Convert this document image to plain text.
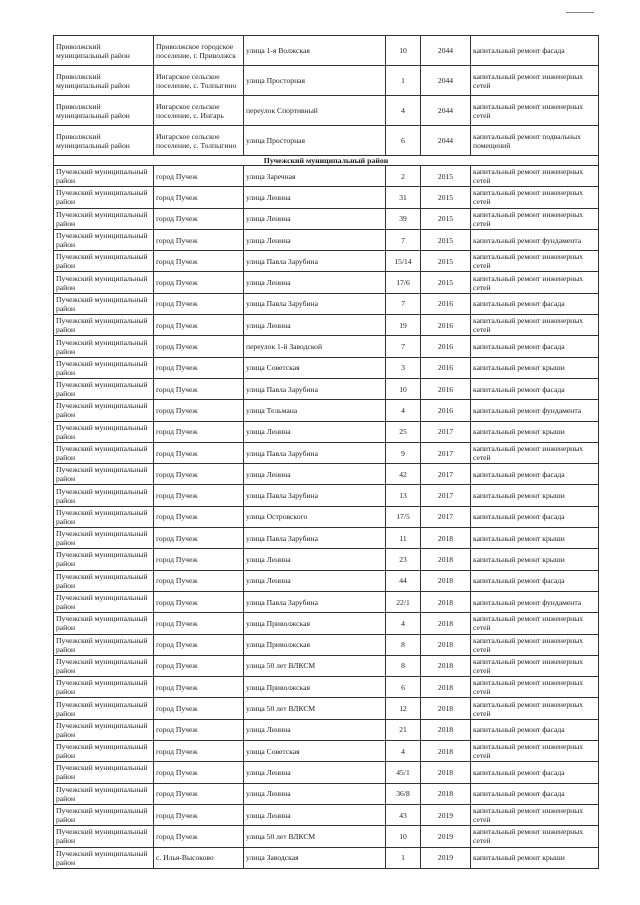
Приволжский муниципальный район	Приволжское городское поселение, г. Приволжск	улица 1-я Волжская	10	2044	капитальный ремонт фасада
Приволжский муниципальный район	Ингарское сельское поселение, с. Толпыгино	улица Просторная	1	2044	капитальный ремонт инженерных сетей
Приволжский муниципальный район	Ингарское сельское поселение, с. Ингарь	переулок Спортивный	4	2044	капитальный ремонт инженерных сетей
Приволжский муниципальный район	Ингарское сельское поселение, с. Толпыгино	улица Просторная	6	2044	капитальный ремонт подвальных помещений
Пучежский муниципальный район					
Пучежский муниципальный район	город Пучеж	улица Заречная	2	2015	капитальный ремонт инженерных сетей
Пучежский муниципальный район	город Пучеж	улица Ленина	31	2015	капитальный ремонт инженерных сетей
Пучежский муниципальный район	город Пучеж	улица Ленина	39	2015	капитальный ремонт инженерных сетей
Пучежский муниципальный район	город Пучеж	улица Ленина	7	2015	капитальный ремонт фундамента
Пучежский муниципальный район	город Пучеж	улица Павла Зарубина	15/14	2015	капитальный ремонт инженерных сетей
Пучежский муниципальный район	город Пучеж	улица Ленина	17/6	2015	капитальный ремонт инженерных сетей
Пучежский муниципальный район	город Пучеж	улица Павла Зарубина	7	2016	капитальный ремонт фасада
Пучежский муниципальный район	город Пучеж	улица Ленина	19	2016	капитальный ремонт инженерных сетей
Пучежский муниципальный район	город Пучеж	переулок 1-й Заводской	7	2016	капитальный ремонт фасада
Пучежский муниципальный район	город Пучеж	улица Советская	3	2016	капитальный ремонт крыши
Пучежский муниципальный район	город Пучеж	улица Павла Зарубина	10	2016	капитальный ремонт фасада
Пучежский муниципальный район	город Пучеж	улица Тельмана	4	2016	капитальный ремонт фундамента
Пучежский муниципальный район	город Пучеж	улица Ленина	25	2017	капитальный ремонт крыши
Пучежский муниципальный район	город Пучеж	улица Павла Зарубина	9	2017	капитальный ремонт инженерных сетей
Пучежский муниципальный район	город Пучеж	улица Ленина	42	2017	капитальный ремонт фасада
Пучежский муниципальный район	город Пучеж	улица Павла Зарубина	13	2017	капитальный ремонт крыши
Пучежский муниципальный район	город Пучеж	улица Островского	17/5	2017	капитальный ремонт фасада
Пучежский муниципальный район	город Пучеж	улица Павла Зарубина	11	2018	капитальный ремонт крыши
Пучежский муниципальный район	город Пучеж	улица Ленина	23	2018	капитальный ремонт крыши
Пучежский муниципальный район	город Пучеж	улица Ленина	44	2018	капитальный ремонт фасада
Пучежский муниципальный район	город Пучеж	улица Павла Зарубина	22/1	2018	капитальный ремонт фундамента
Пучежский муниципальный район	город Пучеж	улица Приволжская	4	2018	капитальный ремонт инженерных сетей
Пучежский муниципальный район	город Пучеж	улица Приволжская	8	2018	капитальный ремонт инженерных сетей
Пучежский муниципальный район	город Пучеж	улица 50 лет ВЛКСМ	8	2018	капитальный ремонт инженерных сетей
Пучежский муниципальный район	город Пучеж	улица Приволжская	6	2018	капитальный ремонт инженерных сетей
Пучежский муниципальный район	город Пучеж	улица 50 лет ВЛКСМ	12	2018	капитальный ремонт инженерных сетей
Пучежский муниципальный район	город Пучеж	улица Ленина	21	2018	капитальный ремонт фасада
Пучежский муниципальный район	город Пучеж	улица Советская	4	2018	капитальный ремонт инженерных сетей
Пучежский муниципальный район	город Пучеж	улица Ленина	45/1	2018	капитальный ремонт фасада
Пучежский муниципальный район	город Пучеж	улица Ленина	36/8	2018	капитальный ремонт фасада
Пучежский муниципальный район	город Пучеж	улица Ленина	43	2019	капитальный ремонт инженерных сетей
Пучежский муниципальный район	город Пучеж	улица 50 лет ВЛКСМ	10	2019	капитальный ремонт инженерных сетей
Пучежский муниципальный район	с. Илья-Высоково	улица Заводская	1	2019	капитальный ремонт крыши
